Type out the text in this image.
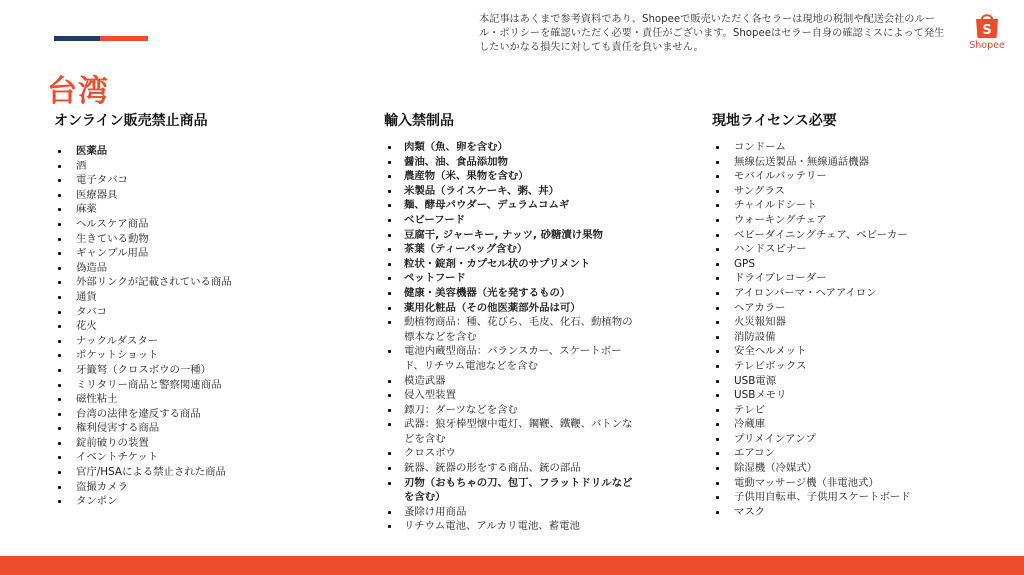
台湾
本記事はあくまで参考資料であり、Shopeeで販売いただく各セラーは現地の税制や配送会社のルール・ポリシーを確認いただく必要・責任がございます。Shopeeはセラー自身の確認ミスによって発生したいかなる損失に対しても責任を負いません。
S
Shopee
オンライン販売禁止商品
医薬品
酒
電子タバコ
医療器具
麻薬
ヘルスケア商品
生きている動物
ギャンブル用品
偽造品
外部リンクが記載されている商品
通貨
タバコ
花火
ナックルダスター
ポケットショット
牙籤弩（クロスボウの一種）
ミリタリー商品と警察関連商品
磁性粘土
台湾の法律を違反する商品
権利侵害する商品
錠前破りの装置
イベントチケット
官庁/HSAによる禁止された商品
盗撮カメラ
タンポン
輸入禁制品
肉類（魚、卵を含む）
醤油、油、食品添加物
農産物（米、果物を含む）
米製品（ライスケーキ、粥、丼）
麺、酵母パウダー、デュラムコムギ
ベビーフード
豆腐干, ジャーキー, ナッツ, 砂糖漬け果物
茶葉（ティーバッグ含む）
粒状・錠剤・カプセル状のサプリメント
ペットフード
健康・美容機器（光を発するもの）
薬用化粧品（その他医薬部外品は可）
動植物商品：種、花びら、毛皮、化石、動植物の標本などを含む
電池内蔵型商品：バランスカー、スケートボード、リチウム電池などを含む
模造武器
侵入型装置
鏢刀：ダーツなどを含む
武器：狼牙棒型懐中電灯、鋼鞭、鐵鞭、バトンなどを含む
クロスボウ
銃器、銃器の形をする商品、銃の部品
刃物（おもちゃの刀、包丁、フラットドリルなどを含む）
蚤除け用商品
リチウム電池、アルカリ電池、蓄電池
現地ライセンス必要
コンドーム
無線伝送製品・無線通話機器
モバイルバッテリー
サングラス
チャイルドシート
ウォーキングチェア
ベビーダイニングチェア、ベビーカー
ハンドスピナー
GPS
ドライブレコーダー
アイロンパーマ・ヘアアイロン
ヘアカラー
火災報知器
消防設備
安全ヘルメット
テレビボックス
USB電源
USBメモリ
テレビ
冷蔵庫
プリメインアンプ
エアコン
除湿機（冷媒式）
電動マッサージ機（非電池式）
子供用自転車、子供用スケートボード
マスク
